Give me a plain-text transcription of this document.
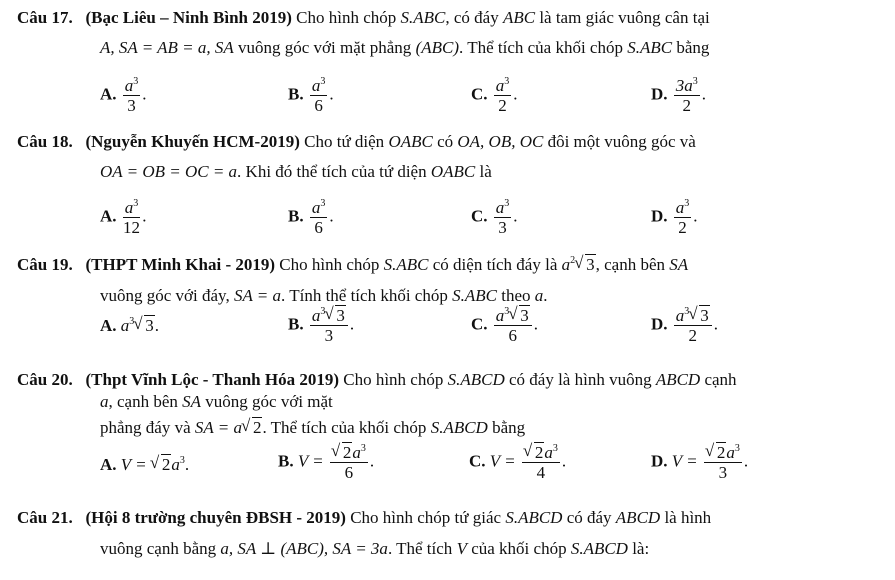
Câu 17. (Bạc Liêu – Ninh Bình 2019) Cho hình chóp S.ABC, có đáy ABC là tam giác vuông cân tại
A, SA = AB = a, SA vuông góc với mặt phẳng (ABC). Thể tích của khối chóp S.ABC bằng
A. $\frac{a^3}{3}$ .	B. $\frac{a^3}{6}$ .	C. $\frac{a^3}{2}$ .	D. $\frac{3a^3}{2}$ .
Câu 18. (Nguyễn Khuyến HCM-2019) Cho tứ diện OABC có OA, OB, OC đôi một vuông góc và
OA = OB = OC = a. Khi đó thể tích của tứ diện OABC là
A. $\frac{a^3}{12}$ .	B. $\frac{a^3}{6}$ .	C. $\frac{a^3}{3}$ .	D. $\frac{a^3}{2}$ .
Câu 19. (THPT Minh Khai - 2019) Cho hình chóp S.ABC có diện tích đáy là $a^2√$ 3, cạnh bên SA
vuông góc với đáy, SA = a. Tính thể tích khối chóp S.ABC theo a.
A. $a^3√$ 3.	B. $\frac{a^3√ 3}{3}$ .	C. $\frac{a^3√ 3}{6}$ .	D. $\frac{a^3√ 3}{2}$ .
Câu 20. (Thpt Vĩnh Lộc - Thanh Hóa 2019) Cho hình chóp S.ABCD có đáy là hình vuông ABCD cạnh
a, cạnh bên SA vuông góc với mặt
phẳng đáy và SA = a√ 2. Thể tích của khối chóp S.ABCD bằng
A. V = √ $2a^3$.	B. V =
√ $\frac{2a^3}{6}$ .	C. V =
√ $\frac{2a^3}{4}$ .	D. V =
√ $\frac{2a^3}{3}$ .
Câu 21. (Hội 8 trường chuyên ĐBSH - 2019) Cho hình chóp tứ giác S.ABCD có đáy ABCD là hình
vuông cạnh bằng a, SA ⊥ (ABC), SA = 3a. Thể tích V của khối chóp S.ABCD là:
